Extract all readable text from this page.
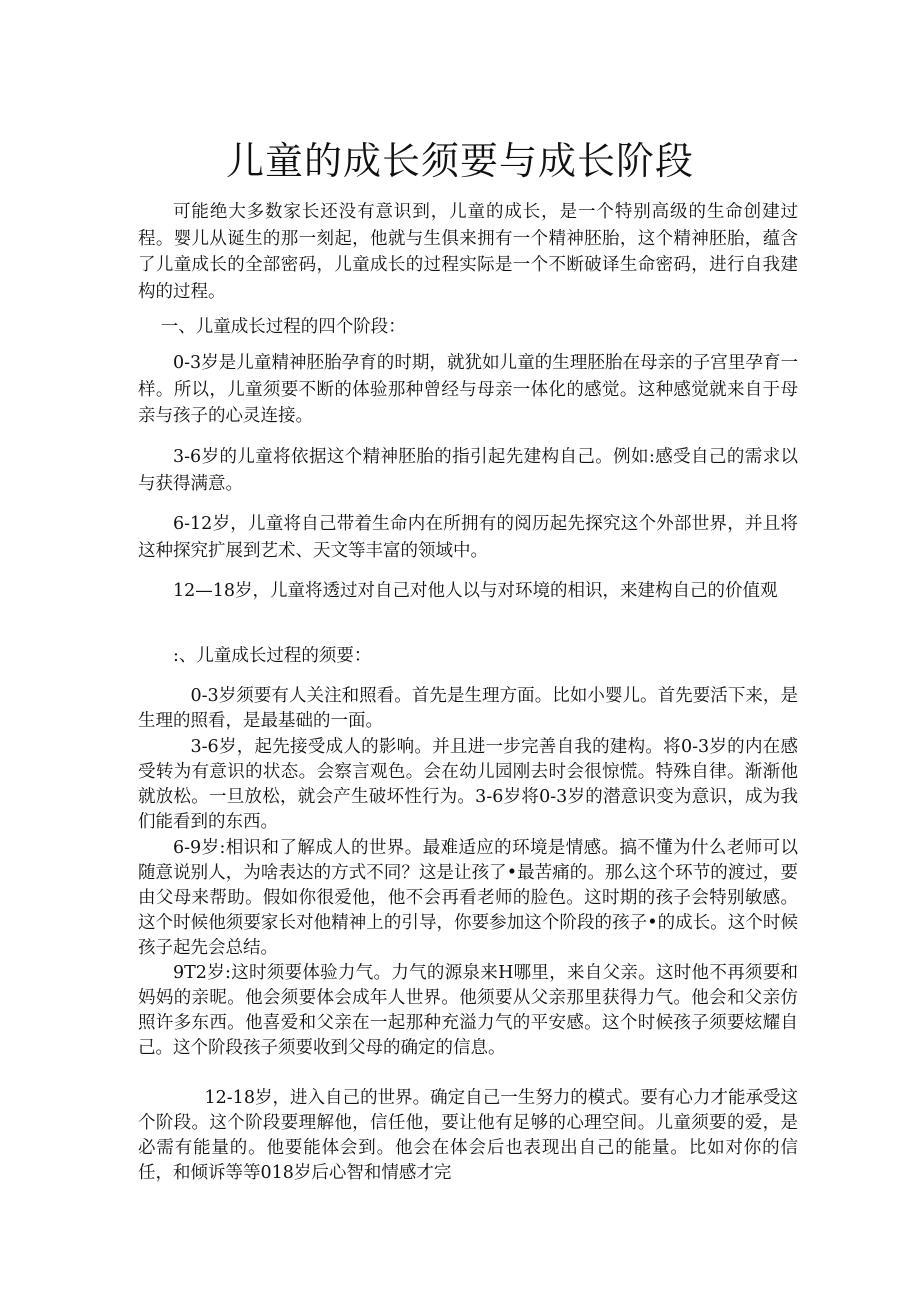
儿童的成长须要与成长阶段

可能绝大多数家长还没有意识到，儿童的成长，是一个特别高级的生命创建过程。婴儿从诞生的那一刻起，他就与生俱来拥有一个精神胚胎，这个精神胚胎，蕴含了儿童成长的全部密码，儿童成长的过程实际是一个不断破译生命密码，进行自我建构的过程。

一、儿童成长过程的四个阶段：

0-3岁是儿童精神胚胎孕育的时期，就犹如儿童的生理胚胎在母亲的子宫里孕育一样。所以，儿童须要不断的体验那种曾经与母亲一体化的感觉。这种感觉就来自于母亲与孩子的心灵连接。

3-6岁的儿童将依据这个精神胚胎的指引起先建构自己。例如:感受自己的需求以与获得满意。

6-12岁，儿童将自己带着生命内在所拥有的阅历起先探究这个外部世界，并且将这种探究扩展到艺术、天文等丰富的领域中。

12—18岁，儿童将透过对自己对他人以与对环境的相识，来建构自己的价值观

:、儿童成长过程的须要：

0-3岁须要有人关注和照看。首先是生理方面。比如小婴儿。首先要活下来，是生理的照看，是最基础的一面。

3-6岁，起先接受成人的影响。并且进一步完善自我的建构。将0-3岁的内在感受转为有意识的状态。会察言观色。会在幼儿园刚去时会很惊慌。特殊自律。渐渐他就放松。一旦放松，就会产生破坏性行为。3-6岁将0-3岁的潜意识变为意识，成为我们能看到的东西。

6-9岁:相识和了解成人的世界。最难适应的环境是情感。搞不懂为什么老师可以随意说别人，为啥表达的方式不同？这是让孩了•最苦痛的。那么这个环节的渡过，要由父母来帮助。假如你很爱他，他不会再看老师的脸色。这时期的孩子会特别敏感。这个时候他须要家长对他精神上的引导，你要参加这个阶段的孩子•的成长。这个时候孩子起先会总结。

9T2岁:这时须要体验力气。力气的源泉来H哪里，来自父亲。这时他不再须要和妈妈的亲昵。他会须要体会成年人世界。他须要从父亲那里获得力气。他会和父亲仿照许多东西。他喜爱和父亲在一起那种充溢力气的平安感。这个时候孩子须要炫耀自己。这个阶段孩子须要收到父母的确定的信息。

12-18岁，进入自己的世界。确定自己一生努力的模式。要有心力才能承受这个阶段。这个阶段要理解他，信任他，要让他有足够的心理空间。儿童须要的爱，是必需有能量的。他要能体会到。他会在体会后也表现出自己的能量。比如对你的信任，和倾诉等等018岁后心智和情感才完
